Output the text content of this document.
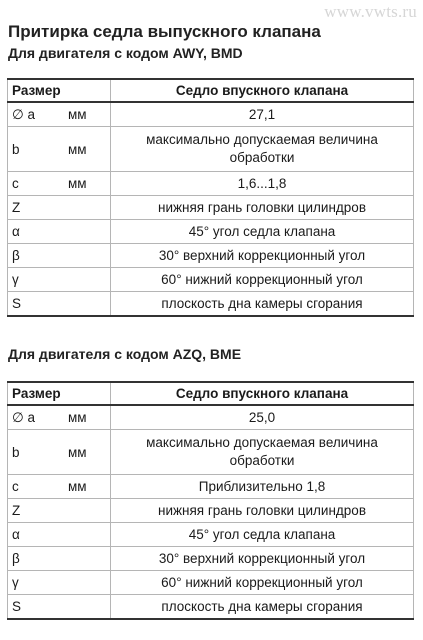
www.vwts.ru
Притирка седла выпускного клапана
Для двигателя с кодом AWY, BMD
Размер		Седло впускного клапана
∅ a	мм	27,1
b	мм	максимально допускаемая величина обработки
c	мм	1,6...1,8
Z		нижняя грань головки цилиндров
α		45° угол седла клапана
β		30° верхний коррекционный угол
γ		60° нижний коррекционный угол
S		плоскость дна камеры сгорания
Для двигателя с кодом AZQ, BME
Размер		Седло впускного клапана
∅ a	мм	25,0
b	мм	максимально допускаемая величина обработки
c	мм	Приблизительно 1,8
Z		нижняя грань головки цилиндров
α		45° угол седла клапана
β		30° верхний коррекционный угол
γ		60° нижний коррекционный угол
S		плоскость дна камеры сгорания
